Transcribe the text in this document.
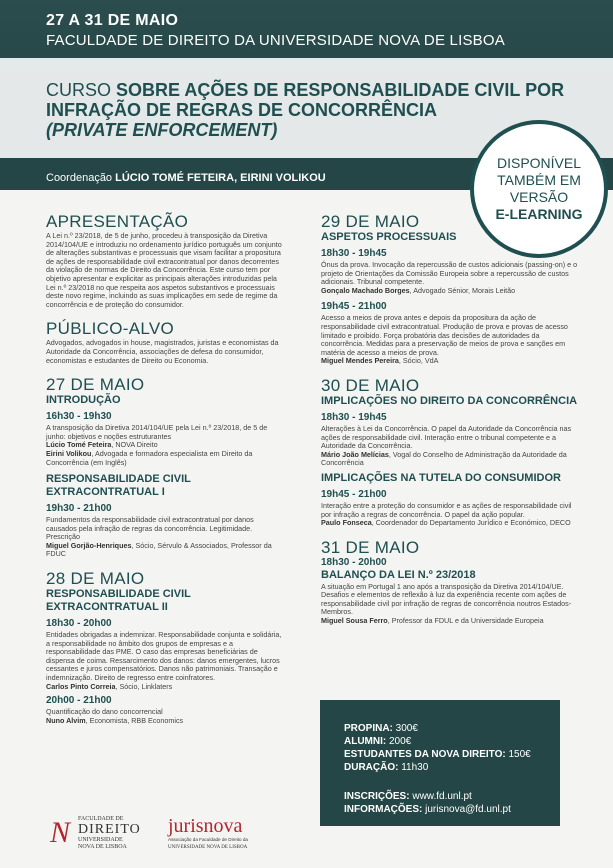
27 A 31 DE MAIO
FACULDADE DE DIREITO DA UNIVERSIDADE NOVA DE LISBOA
CURSO SOBRE AÇÕES DE RESPONSABILIDADE CIVIL POR
INFRAÇÃO DE REGRAS DE CONCORRÊNCIA
(PRIVATE ENFORCEMENT)
Coordenação LÚCIO TOMÉ FETEIRA, EIRINI VOLIKOU
DISPONÍVEL
TAMBÉM EM
VERSÃO
E-LEARNING
APRESENTAÇÃO
A Lei n.º 23/2018, de 5 de junho, procedeu à transposição da Diretiva 2014/104/UE e introduziu no ordenamento jurídico português um conjunto de alterações substantivas e processuais que visam facilitar a propositura de ações de responsabilidade civil extracontratual por danos decorrentes da violação de normas de Direito da Concorrência. Este curso tem por objetivo apresentar e explicitar as principais alterações introduzidas pela Lei n.º 23/2018 no que respeita aos aspetos substantivos e processuais deste novo regime, incluindo as suas implicações em sede de regime da concorrência e de proteção do consumidor.
PÚBLICO-ALVO
Advogados, advogados in house, magistrados, juristas e economistas da Autoridade da Concorrência, associações de defesa do consumidor, economistas e estudantes de Direito ou Economia.
27 DE MAIO
INTRODUÇÃO
16h30 - 19h30
A transposição da Diretiva 2014/104/UE pela Lei n.º 23/2018, de 5 de junho: objetivos e noções estruturantes
Lúcio Tomé Feteira, NOVA Direito
Eirini Volikou, Advogada e formadora especialista em Direito da Concorrência (em Inglês)
RESPONSABILIDADE CIVIL
EXTRACONTRATUAL I
19h30 - 21h00
Fundamentos da responsabilidade civil extracontratual por danos causados pela infração de regras da concorrência. Legitimidade. Prescrição
Miguel Gorjão-Henriques, Sócio, Sérvulo & Associados, Professor da FDUC
28 DE MAIO
RESPONSABILIDADE CIVIL
EXTRACONTRATUAL II
18h30 - 20h00
Entidades obrigadas a indemnizar. Responsabilidade conjunta e solidária, a responsabilidade no âmbito dos grupos de empresas e a responsabilidade das PME. O caso das empresas beneficiárias de dispensa de coima. Ressarcimento dos danos: danos emergentes, lucros cessantes e juros compensatórios. Danos não patrimoniais. Transação e indemnização. Direito de regresso entre coinfratores.
Carlos Pinto Correia, Sócio, Linklaters
20h00 - 21h00
Quantificação do dano concorrencial
Nuno Alvim, Economista, RBB Economics
29 DE MAIO
ASPETOS PROCESSUAIS
18h30 - 19h45
Ónus da prova. Invocação da repercussão de custos adicionais (passing-on) e o projeto de Orientações da Comissão Europeia sobre a repercussão de custos adicionais. Tribunal competente.
Gonçalo Machado Borges, Advogado Sénior, Morais Leitão
19h45 - 21h00
Acesso a meios de prova antes e depois da propositura da ação de responsabilidade civil extracontratual. Produção de prova e provas de acesso limitado e proibido. Força probatória das decisões de autoridades da concorrência. Medidas para a preservação de meios de prova e sanções em matéria de acesso a meios de prova.
Miguel Mendes Pereira, Sócio, VdA
30 DE MAIO
IMPLICAÇÕES NO DIREITO DA CONCORRÊNCIA
18h30 - 19h45
Alterações à Lei da Concorrência. O papel da Autoridade da Concorrência nas ações de responsabilidade civil. Interação entre o tribunal competente e a Autoridade da Concorrência.
Mário João Melícias, Vogal do Conselho de Administração da Autoridade da Concorrência
IMPLICAÇÕES NA TUTELA DO CONSUMIDOR
19h45 - 21h00
Interação entre a proteção do consumidor e as ações de responsabilidade civil por infração a regras de concorrência. O papel da ação popular.
Paulo Fonseca, Coordenador do Departamento Jurídico e Económico, DECO
31 DE MAIO
18h30 - 20h00
BALANÇO DA LEI N.º 23/2018
A situação em Portugal 1 ano após a transposição da Diretiva 2014/104/UE. Desafios e elementos de reflexão à luz da experiência recente com ações de responsabilidade civil por infração de regras de concorrência noutros Estados-Membros.
Miguel Sousa Ferro, Professor da FDUL e da Universidade Europeia
PROPINA: 300€
ALUMNI: 200€
ESTUDANTES DA NOVA DIREITO: 150€
DURAÇÃO: 11h30
INSCRIÇÕES: www.fd.unl.pt
INFORMAÇÕES: jurisnova@fd.unl.pt
N	FACULDADE DE
DIREITO
UNIVERSIDADE
NOVA DE LISBOA
jurisnova
Associação da Faculdade de Direito da
UNIVERSIDADE NOVA DE LISBOA
